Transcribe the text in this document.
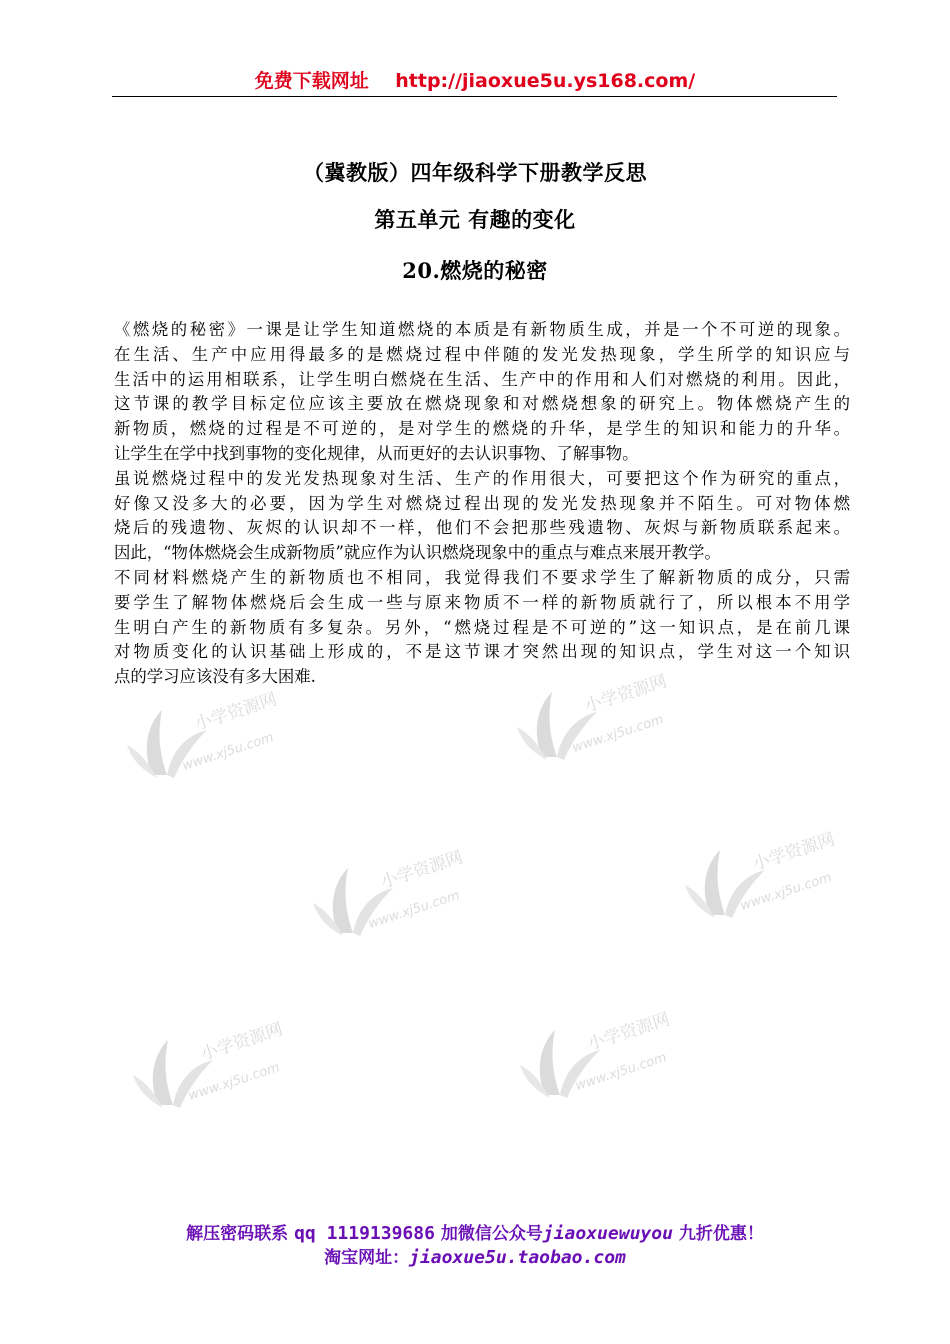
免费下载网址 http://jiaoxue5u.ys168.com/
（冀教版）四年级科学下册教学反思
第五单元 有趣的变化
20.燃烧的秘密
《燃烧的秘密》一课是让学生知道燃烧的本质是有新物质生成，并是一个不可逆的现象。
在生活、生产中应用得最多的是燃烧过程中伴随的发光发热现象，学生所学的知识应与
生活中的运用相联系，让学生明白燃烧在生活、生产中的作用和人们对燃烧的利用。因此，
这节课的教学目标定位应该主要放在燃烧现象和对燃烧想象的研究上。物体燃烧产生的
新物质，燃烧的过程是不可逆的，是对学生的燃烧的升华，是学生的知识和能力的升华。
让学生在学中找到事物的变化规律，从而更好的去认识事物、了解事物。
虽说燃烧过程中的发光发热现象对生活、生产的作用很大，可要把这个作为研究的重点，
好像又没多大的必要，因为学生对燃烧过程出现的发光发热现象并不陌生。可对物体燃
烧后的残遗物、灰烬的认识却不一样，他们不会把那些残遗物、灰烬与新物质联系起来。
因此，“物体燃烧会生成新物质”就应作为认识燃烧现象中的重点与难点来展开教学。
不同材料燃烧产生的新物质也不相同，我觉得我们不要求学生了解新物质的成分，只需
要学生了解物体燃烧后会生成一些与原来物质不一样的新物质就行了，所以根本不用学
生明白产生的新物质有多复杂。另外，“燃烧过程是不可逆的”这一知识点，是在前几课
对物质变化的认识基础上形成的，不是这节课才突然出现的知识点，学生对这一个知识
点的学习应该没有多大困难.
小学资源网
www.xj5u.com
小学资源网
www.xj5u.com
小学资源网
www.xj5u.com
小学资源网
www.xj5u.com
小学资源网
www.xj5u.com
小学资源网
www.xj5u.com
解压密码联系 qq 1119139686 加微信公众号jiaoxuewuyou 九折优惠！
淘宝网址：jiaoxue5u.taobao.com
